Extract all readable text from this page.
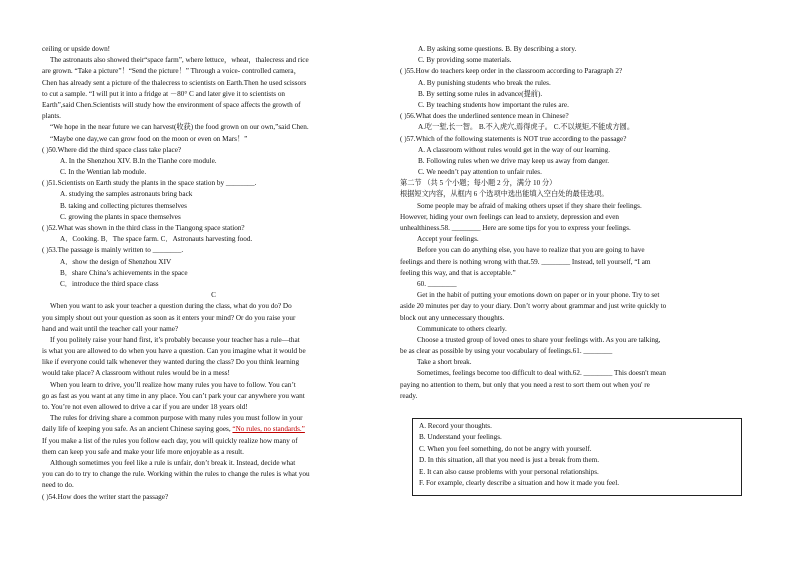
ceiling or upside down!
The astronauts also showed their“space farm”, where lettuce，wheat，thalecress and rice
are grown. “Take a picture”！“Send the picture！” Through a voice- controlled camera，
Chen has already sent a picture of the thalecress to scientists on Earth.Then he used scissors
to cut a sample. “I will put it into a fridge at －80° C and later give it to scientists on
Earth”,said Chen.Scientists will study how the environment of space affects the growth of
plants.
“We hope in the near future we can harvest(收获) the food grown on our own,”said Chen.
“Maybe one day,we can grow food on the moon or even on Mars！”
( )50.Where did the third space class take place?
A. In the Shenzhou XIV. B.In the Tianhe core module.
C. In the Wentian lab module.
( )51.Scientists on Earth study the plants in the space station by ________.
A. studying the samples astronauts bring back
B. taking and collecting pictures themselves
C. growing the plants in space themselves
( )52.What was shown in the third class in the Tiangong space station?
A．Cooking. B．The space farm. C．Astronauts harvesting food.
( )53.The passage is mainly written to ________.
A．show the design of Shenzhou XIV
B．share China’s achievements in the space
C．introduce the third space class
C
When you want to ask your teacher a question during the class, what do you do? Do
you simply shout out your question as soon as it enters your mind? Or do you raise your
hand and wait until the teacher call your name?
If you politely raise your hand first, it’s probably because your teacher has a rule—that
is what you are allowed to do when you have a question. Can you imagine what it would be
like if everyone could talk whenever they wanted during the class? Do you think learning
would take place? A classroom without rules would be in a mess!
When you learn to drive, you’ll realize how many rules you have to follow. You can’t
go as fast as you want at any time in any place. You can’t park your car anywhere you want
to. You’re not even allowed to drive a car if you are under 18 years old!
The rules for driving share a common purpose with many rules you must follow in your
daily life of keeping you safe. As an ancient Chinese saying goes, “No rules, no standards.”
If you make a list of the rules you follow each day, you will quickly realize how many of
them can keep you safe and make your life more enjoyable as a result.
Although sometimes you feel like a rule is unfair, don’t break it. Instead, decide what
you can do to try to change the rule. Working within the rules to change the rules is what you
need to do.
( )54.How does the writer start the passage?
A. By asking some questions. B. By describing a story.
C. By providing some materials.
( )55.How do teachers keep order in the classroom according to Paragraph 2?
A. By punishing students who break the rules.
B. By setting some rules in advance(提前).
C. By teaching students how important the rules are.
( )56.What does the underlined sentence mean in Chinese?
A.吃一堑,长一智。 B.不入虎穴,焉得虎子。 C.不以规矩,不能成方圆。
( )57.Which of the following statements is NOT true according to the passage?
A. A classroom without rules would get in the way of our learning.
B. Following rules when we drive may keep us away from danger.
C. We needn’t pay attention to unfair rules.
第二节 （共 5 个小题；每小题 2 分，满分 10 分）
根据短文内容，从框内 6 个选项中选出能填入空白处的最佳选项。
Some people may be afraid of making others upset if they share their feelings.
However, hiding your own feelings can lead to anxiety, depression and even
unhealthiness.58. ________ Here are some tips for you to express your feelings.
Accept your feelings.
Before you can do anything else, you have to realize that you are going to have
feelings and there is nothing wrong with that.59. ________ Instead, tell yourself, “I am
feeling this way, and that is acceptable.”
60. ________
Get in the habit of putting your emotions down on paper or in your phone. Try to set
aside 20 minutes per day to your diary. Don’t worry about grammar and just write quickly to
block out any unnecessary thoughts.
Communicate to others clearly.
Choose a trusted group of loved ones to share your feelings with. As you are talking,
be as clear as possible by using your vocabulary of feelings.61. ________
Take a short break.
Sometimes, feelings become too difficult to deal with.62. ________ This doesn't mean
paying no attention to them, but only that you need a rest to sort them out when you' re
ready.
A. Record your thoughts.
B. Understand your feelings.
C. When you feel something, do not be angry with yourself.
D. In this situation, all that you need is just a break from them.
E. It can also cause problems with your personal relationships.
F. For example, clearly describe a situation and how it made you feel.
